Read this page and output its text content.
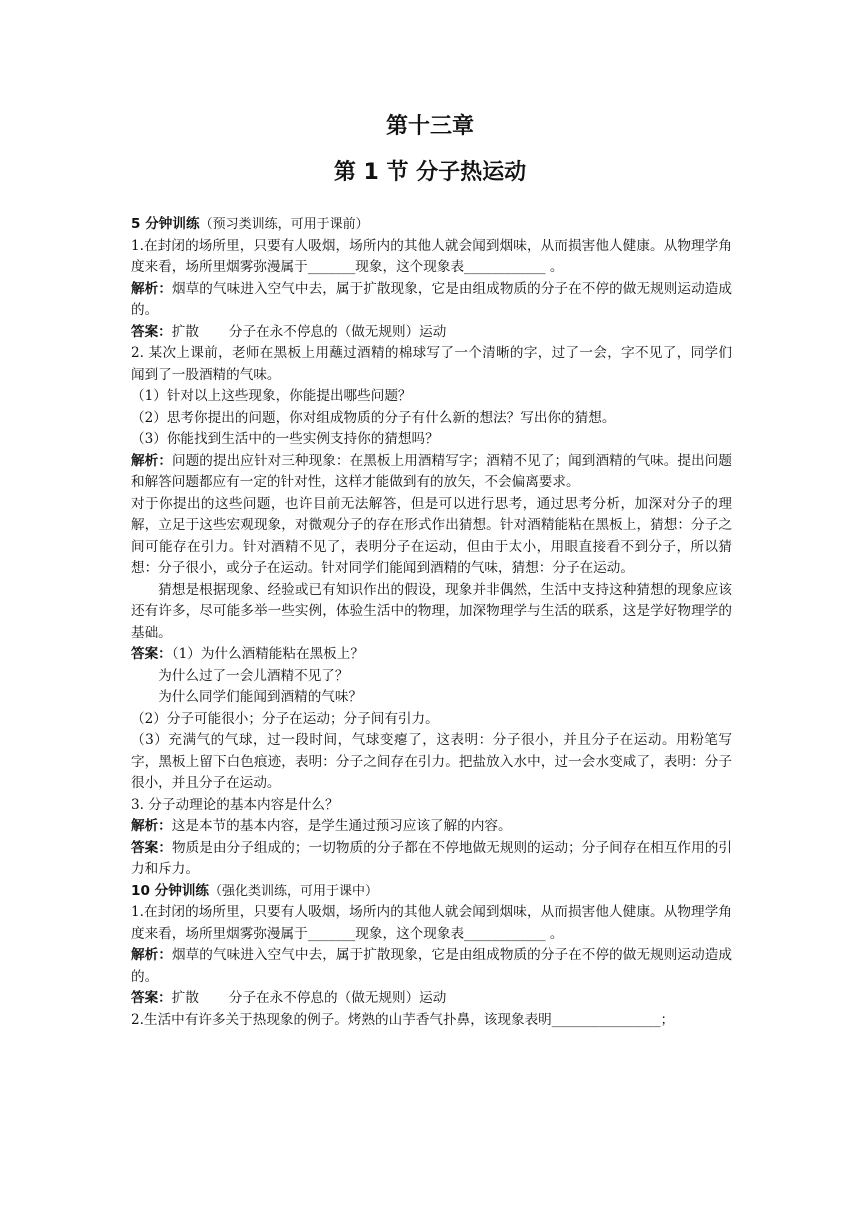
第十三章
第 1 节 分子热运动

5 分钟训练（预习类训练，可用于课前）

1.在封闭的场所里，只要有人吸烟，场所内的其他人就会闻到烟味，从而损害他人健康。从物理学角度来看，场所里烟雾弥漫属于_______现象，这个现象表____________ 。

解析：烟草的气味进入空气中去，属于扩散现象，它是由组成物质的分子在不停的做无规则运动造成的。

答案：扩散 分子在永不停息的（做无规则）运动

2. 某次上课前，老师在黑板上用蘸过酒精的棉球写了一个清晰的字，过了一会，字不见了，同学们闻到了一股酒精的气味。

（1）针对以上这些现象，你能提出哪些问题？

（2）思考你提出的问题，你对组成物质的分子有什么新的想法？写出你的猜想。

（3）你能找到生活中的一些实例支持你的猜想吗？

解析：问题的提出应针对三种现象：在黑板上用酒精写字；酒精不见了；闻到酒精的气味。提出问题和解答问题都应有一定的针对性，这样才能做到有的放矢，不会偏离要求。

对于你提出的这些问题，也许目前无法解答，但是可以进行思考，通过思考分析，加深对分子的理解，立足于这些宏观现象，对微观分子的存在形式作出猜想。针对酒精能粘在黑板上，猜想：分子之间可能存在引力。针对酒精不见了，表明分子在运动，但由于太小，用眼直接看不到分子，所以猜想：分子很小，或分子在运动。针对同学们能闻到酒精的气味，猜想：分子在运动。

猜想是根据现象、经验或已有知识作出的假设，现象并非偶然，生活中支持这种猜想的现象应该还有许多，尽可能多举一些实例，体验生活中的物理，加深物理学与生活的联系，这是学好物理学的基础。

答案：（1）为什么酒精能粘在黑板上？

为什么过了一会儿酒精不见了？

为什么同学们能闻到酒精的气味？

（2）分子可能很小；分子在运动；分子间有引力。

（3）充满气的气球，过一段时间，气球变瘪了，这表明：分子很小，并且分子在运动。用粉笔写字，黑板上留下白色痕迹，表明：分子之间存在引力。把盐放入水中，过一会水变咸了，表明：分子很小，并且分子在运动。

3. 分子动理论的基本内容是什么？

解析：这是本节的基本内容，是学生通过预习应该了解的内容。

答案：物质是由分子组成的；一切物质的分子都在不停地做无规则的运动；分子间存在相互作用的引力和斥力。

10 分钟训练（强化类训练，可用于课中）

1.在封闭的场所里，只要有人吸烟，场所内的其他人就会闻到烟味，从而损害他人健康。从物理学角度来看，场所里烟雾弥漫属于_______现象，这个现象表____________ 。

解析：烟草的气味进入空气中去，属于扩散现象，它是由组成物质的分子在不停的做无规则运动造成的。

答案：扩散 分子在永不停息的（做无规则）运动

2.生活中有许多关于热现象的例子。烤熟的山芋香气扑鼻，该现象表明________________；
